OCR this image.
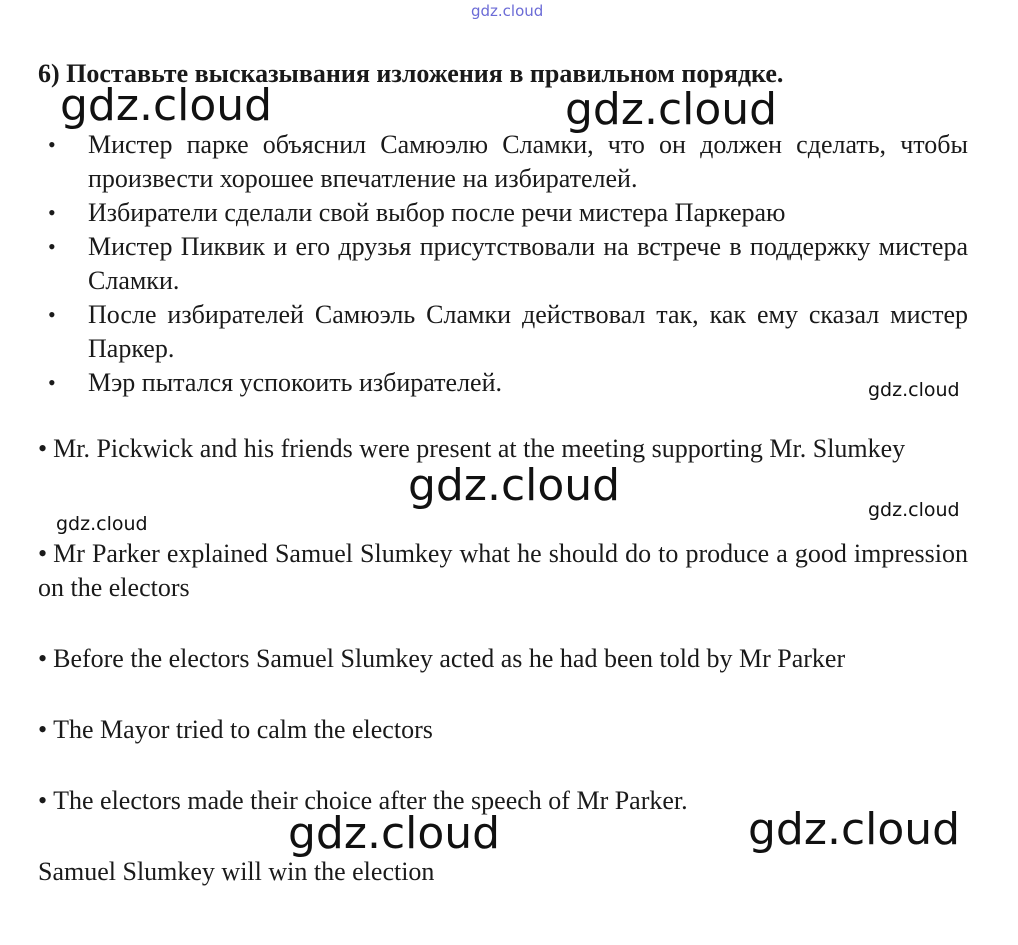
gdz.cloud
6) Поставьте высказывания изложения в правильном порядке.
• Мистер парке объяснил Самюэлю Сламки, что он должен сделать, чтобы произвести хорошее впечатление на избирателей.
• Избиратели сделали свой выбор после речи мистера Паркераю
• Мистер Пиквик и его друзья присутствовали на встрече в поддержку мистера Сламки.
• После избирателей Самюэль Сламки действовал так, как ему сказал мистер Паркер.
• Мэр пытался успокоить избирателей.
• Mr. Pickwick and his friends were present at the meeting supporting Mr. Slumkey
• Mr Parker explained Samuel Slumkey what he should do to produce a good impression on the electors
• Before the electors Samuel Slumkey acted as he had been told by Mr Parker
• The Mayor tried to calm the electors
• The electors made their choice after the speech of Mr Parker.
Samuel Slumkey will win the election
gdz.cloud	gdz.cloud
gdz.cloud
gdz.cloud	gdz.cloud
gdz.cloud
gdz.cloud
gdz.cloud
